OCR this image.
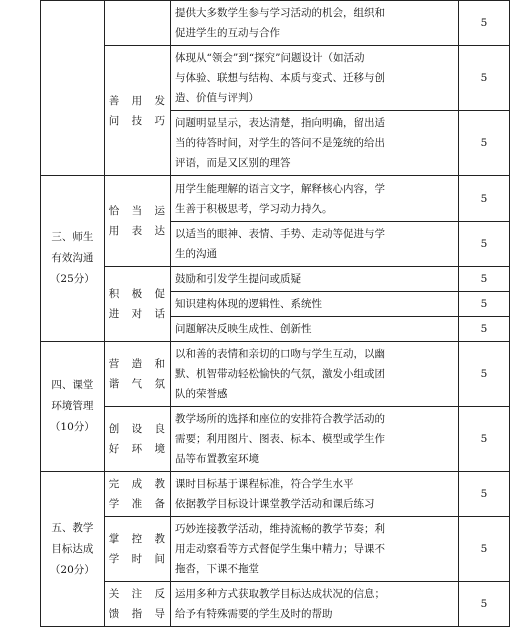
		提供大多数学生参与学习活动的机会，组织和
促进学生的互动与合作	5

	善 用 发
问技巧	体现从“领会”到“探究”问题设计（如活动
与体验、联想与结构、本质与变式、迁移与创
造、价值与评判）	5

		问题明显呈示，表达清楚，指向明确，留出适
当的待答时间，对学生的答问不是笼统的给出
评语，而是又区别的理答	5

三、师生
有效沟通
（25分）	恰 当 运
用表达	用学生能理解的语言文字，解释核心内容，学
生善于积极思考，学习动力持久。	5

		以适当的眼神、表情、手势、走动等促进与学
生的沟通	5

	积 极 促
进对话	鼓励和引发学生提问或质疑	5

		知识建构体现的逻辑性、系统性	5

		问题解决反映生成性、创新性	5

四、课堂
环境管理
（10分）	营 造 和
谐气氛	以和善的表情和亲切的口吻与学生互动，以幽
默、机智带动轻松愉快的气氛，激发小组或团
队的荣誉感	5

	创 设 良
好环境	教学场所的选择和座位的安排符合教学活动的
需要；利用图片、图表、标本、模型或学生作
品等布置教室环境	5

五、教学
目标达成
（20分）	完 成 教
学准备	课时目标基于课程标准，符合学生水平
依据教学目标设计课堂教学活动和课后练习	5

	掌 控 教
学时间	巧妙连接教学活动，维持流畅的教学节奏；利
用走动察看等方式督促学生集中精力；导课不
拖沓，下课不拖堂	5

	关 注 反
馈指导	运用多种方式获取教学目标达成状况的信息；
给予有特殊需要的学生及时的帮助	5
